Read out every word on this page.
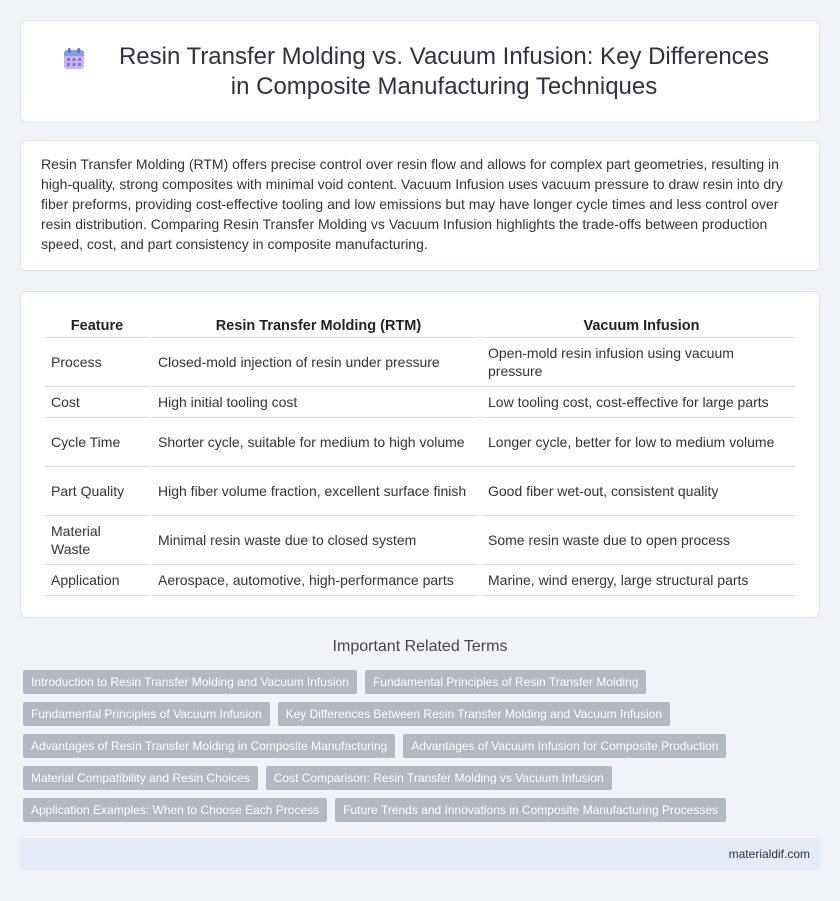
Resin Transfer Molding vs. Vacuum Infusion: Key Differences in Composite Manufacturing Techniques

Resin Transfer Molding (RTM) offers precise control over resin flow and allows for complex part geometries, resulting in high-quality, strong composites with minimal void content. Vacuum Infusion uses vacuum pressure to draw resin into dry fiber preforms, providing cost-effective tooling and low emissions but may have longer cycle times and less control over resin distribution. Comparing Resin Transfer Molding vs Vacuum Infusion highlights the trade-offs between production speed, cost, and part consistency in composite manufacturing.

Feature	Resin Transfer Molding (RTM)	Vacuum Infusion
Process	Closed-mold injection of resin under pressure	Open-mold resin infusion using vacuum pressure
Cost	High initial tooling cost	Low tooling cost, cost-effective for large parts
Cycle Time	Shorter cycle, suitable for medium to high volume	Longer cycle, better for low to medium volume
Part Quality	High fiber volume fraction, excellent surface finish	Good fiber wet-out, consistent quality
Material Waste	Minimal resin waste due to closed system	Some resin waste due to open process
Application	Aerospace, automotive, high-performance parts	Marine, wind energy, large structural parts
Important Related Terms
Introduction to Resin Transfer Molding and Vacuum Infusion	Fundamental Principles of Resin Transfer Molding
Fundamental Principles of Vacuum Infusion	Key Differences Between Resin Transfer Molding and Vacuum Infusion
Advantages of Resin Transfer Molding in Composite Manufacturing	Advantages of Vacuum Infusion for Composite Production
Material Compatibility and Resin Choices	Cost Comparison: Resin Transfer Molding vs Vacuum Infusion
Application Examples: When to Choose Each Process	Future Trends and Innovations in Composite Manufacturing Processes
materialdif.com
